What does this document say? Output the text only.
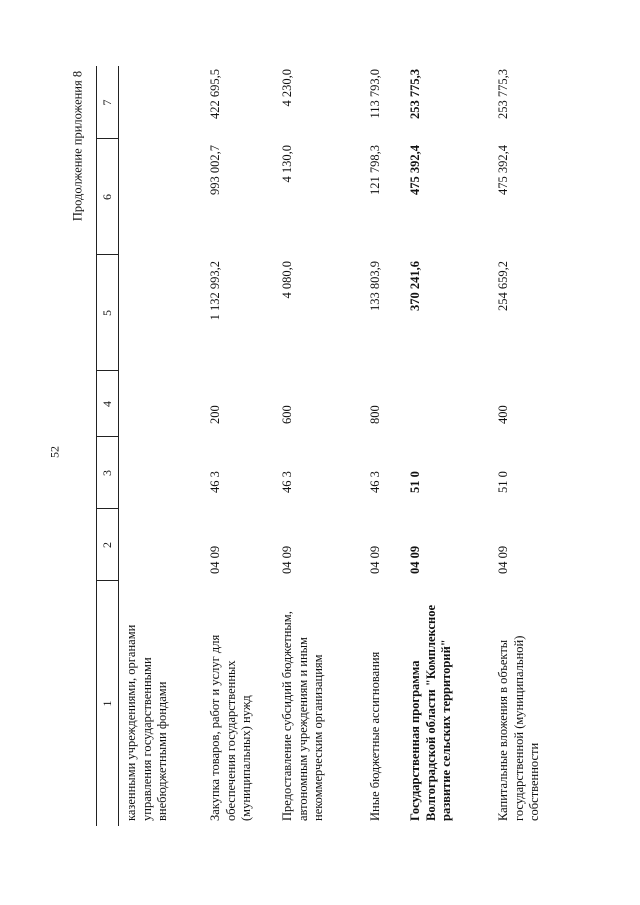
52
Продолжение приложения 8
1
2
3
4
5
6
7
казенными учреждениями, органами управления государственными внебюджетными фондами	Закупка товаров, работ и услуг для обеспечения государственных (муниципальных) нужд
04 09
46 3
200
1 132 993,2
993 002,7
422 695,5
Предоставление субсидий бюджетным, автономным учреждениям и иным некоммерческим организациям
04 09
46 3
600
4 080,0
4 130,0
4 230,0
Иные бюджетные ассигнования
04 09
46 3
800
133 803,9
121 798,3
113 793,0
Государственная программа Волгоградской области "Комплексное развитие сельских территорий"
04 09
51 0
370 241,6
475 392,4
253 775,3
Капитальные вложения в объекты государственной (муниципальной) собственности
04 09
51 0
400
254 659,2
475 392,4
253 775,3
